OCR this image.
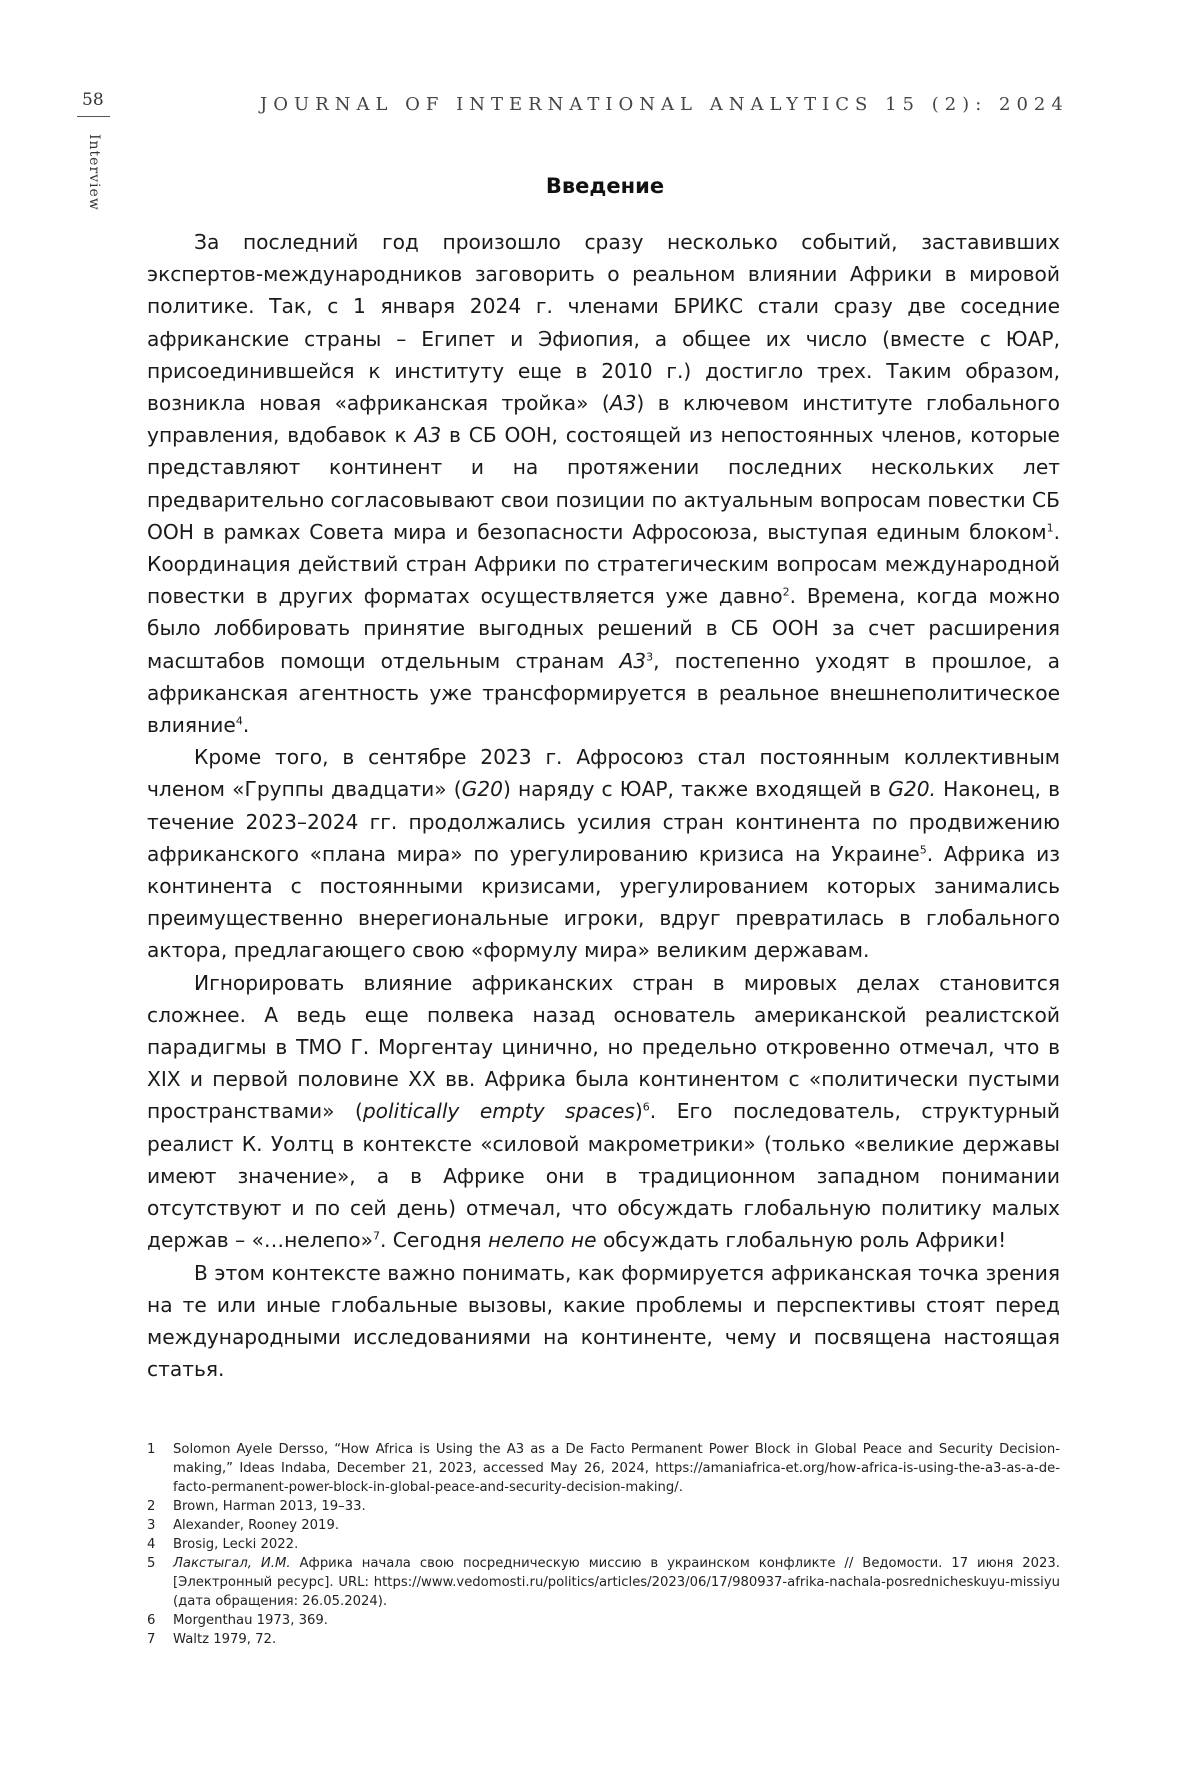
58
Interview
JOURNAL OF INTERNATIONAL ANALYTICS 15 (2): 2024
Введение

За последний год произошло сразу несколько событий, заставивших экспертов-международников заговорить о реальном влиянии Африки в мировой политике. Так, с 1 января 2024 г. членами БРИКС стали сразу две соседние африканские страны – Египет и Эфиопия, а общее их число (вместе с ЮАР, присоединившейся к институту еще в 2010 г.) достигло трех. Таким образом, возникла новая «африканская тройка» (A3) в ключевом институте глобального управления, вдобавок к A3 в СБ ООН, состоящей из непостоянных членов, которые представляют континент и на протяжении последних нескольких лет предварительно согласовывают свои позиции по актуальным вопросам повестки СБ ООН в рамках Совета мира и безопасности Афросоюза, выступая единым блоком$^1$. Координация действий стран Африки по стратегическим вопросам международной повестки в других форматах осуществляется уже давно$^2$. Времена, когда можно было лоббировать принятие выгодных решений в СБ ООН за счет расширения масштабов помощи отдельным странам $A3^3$, постепенно уходят в прошлое, а африканская агентность уже трансформируется в реальное внешнеполитическое влияние$^4$.

Кроме того, в сентябре 2023 г. Афросоюз стал постоянным коллективным членом «Группы двадцати» (G20) наряду с ЮАР, также входящей в G20. Наконец, в течение 2023–2024 гг. продолжались усилия стран континента по продвижению африканского «плана мира» по урегулированию кризиса на Украине$^5$. Африка из континента с постоянными кризисами, урегулированием которых занимались преимущественно внерегиональные игроки, вдруг превратилась в глобального актора, предлагающего свою «формулу мира» великим державам.

Игнорировать влияние африканских стран в мировых делах становится сложнее. А ведь еще полвека назад основатель американской реалистской парадигмы в ТМО Г. Моргентау цинично, но предельно откровенно отмечал, что в XIX и первой половине XX вв. Африка была континентом с «политически пустыми пространствами» (politically empty spaces)$^6$. Его последователь, структурный реалист К. Уолтц в контексте «силовой макрометрики» (только «великие державы имеют значение», а в Африке они в традиционном западном понимании отсутствуют и по сей день) отмечал, что обсуждать глобальную политику малых держав – «…нелепо»$^7$. Сегодня нелепо не обсуждать глобальную роль Африки!

В этом контексте важно понимать, как формируется африканская точка зрения на те или иные глобальные вызовы, какие проблемы и перспективы стоят перед международными исследованиями на континенте, чему и посвящена настоящая статья.

1	Solomon Ayele Dersso, “How Africa is Using the A3 as a De Facto Permanent Power Block in Global Peace and Security Decision-making,” Ideas Indaba, December 21, 2023, accessed May 26, 2024, https://amaniafrica-et.org/how-africa-is-using-the-a3-as-a-de-facto-permanent-power-block-in-global-peace-and-security-decision-making/.
2	Brown, Harman 2013, 19–33.
3	Alexander, Rooney 2019.
4	Brosig, Lecki 2022.
5	Лакстыгал, И.М. Африка начала свою посредническую миссию в украинском конфликте // Ведомости. 17 июня 2023. [Электронный ресурс]. URL: https://www.vedomosti.ru/politics/articles/2023/06/17/980937-afrika-nachala-posrednicheskuyu-missiyu (дата обращения: 26.05.2024).
6	Morgenthau 1973, 369.
7	Waltz 1979, 72.
